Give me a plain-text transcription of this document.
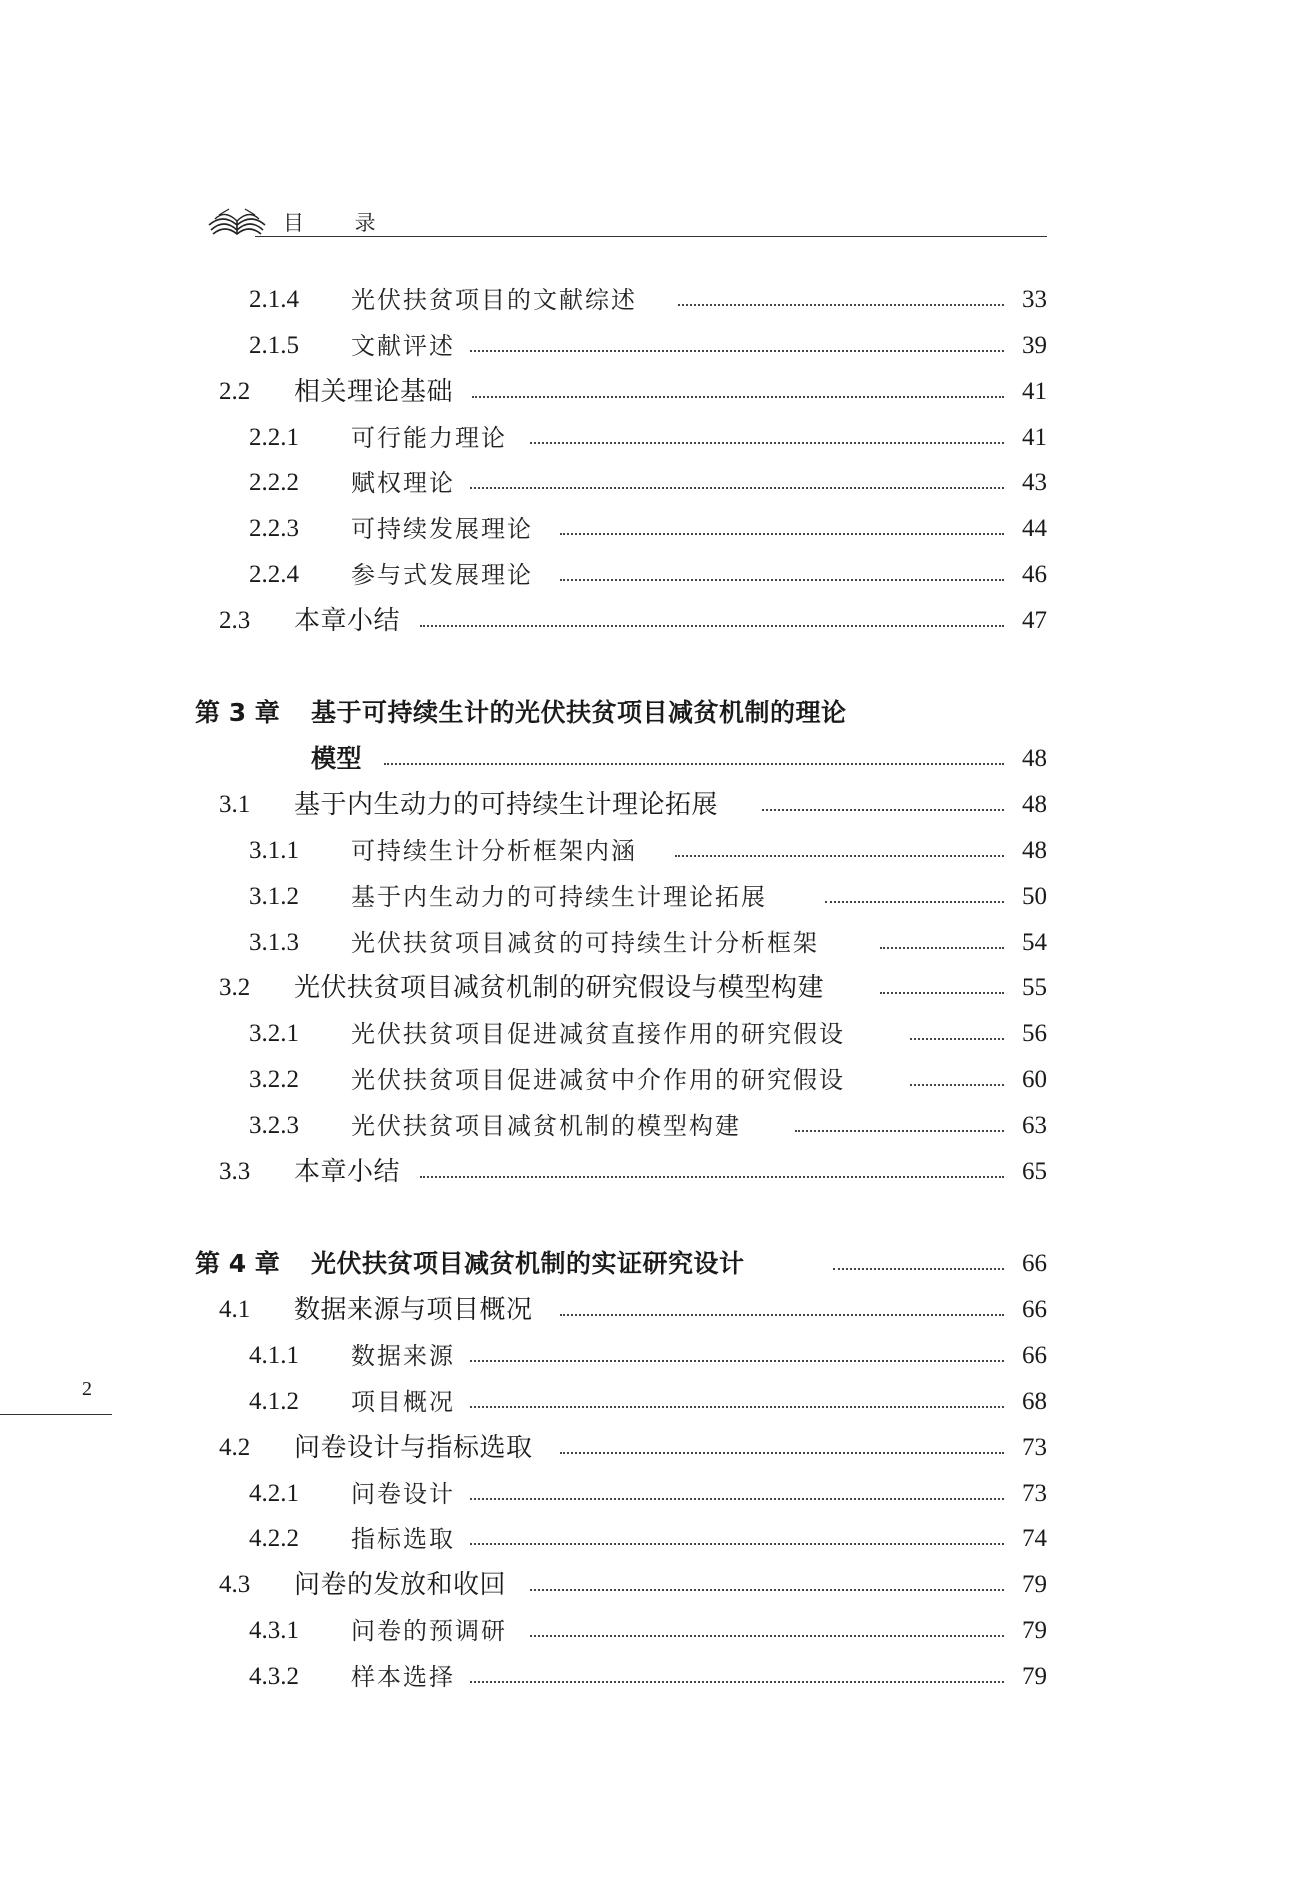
目 录
2.1.4 光伏扶贫项目的文献综述	33
2.1.5 文献评述	39
2.2 相关理论基础	41
2.2.1 可行能力理论	41
2.2.2 赋权理论	43
2.2.3 可持续发展理论	44
2.2.4 参与式发展理论	46
2.3 本章小结	47
第 3 章 基于可持续生计的光伏扶贫项目减贫机制的理论
模型	48
3.1 基于内生动力的可持续生计理论拓展	48
3.1.1 可持续生计分析框架内涵	48
3.1.2 基于内生动力的可持续生计理论拓展	50
3.1.3 光伏扶贫项目减贫的可持续生计分析框架	54
3.2 光伏扶贫项目减贫机制的研究假设与模型构建	55
3.2.1 光伏扶贫项目促进减贫直接作用的研究假设	56
3.2.2 光伏扶贫项目促进减贫中介作用的研究假设	60
3.2.3 光伏扶贫项目减贫机制的模型构建	63
3.3 本章小结	65
第 4 章 光伏扶贫项目减贫机制的实证研究设计	66
4.1 数据来源与项目概况	66
4.1.1 数据来源	66
4.1.2 项目概况	68
4.2 问卷设计与指标选取	73
4.2.1 问卷设计	73
4.2.2 指标选取	74
4.3 问卷的发放和收回	79
4.3.1 问卷的预调研	79
4.3.2 样本选择	79
2
